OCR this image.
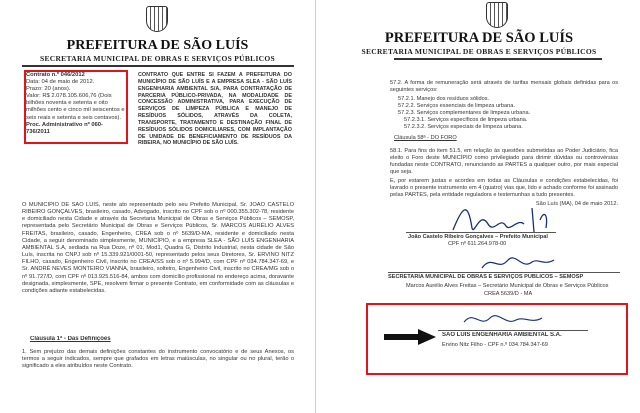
PREFEITURA DE SÃO LUÍS
SECRETARIA MUNICIPAL DE OBRAS E SERVIÇOS PÚBLICOS
Contrato n.º 046/2012
Data: 04 de maio de 2012.
Prazo: 20 (anos).
Valor: R$ 2.078.105.606,76 (Dois bilhões noventa e setenta e oito milhões cento e cinco mil seiscentos e seis reais e setenta e seis centavos).
Proc. Administrativo nº 060-736/2011
CONTRATO QUE ENTRE SI FAZEM A PREFEITURA DO MUNICÍPIO DE SÃO LUÍS E A EMPRESA SLEA - SÃO LUÍS ENGENHARIA AMBIENTAL S/A, PARA CONTRATAÇÃO DE PARCERIA PÚBLICO-PRIVADA, NA MODALIDADE DE CONCESSÃO ADMINISTRATIVA, PARA EXECUÇÃO DE SERVIÇOS DE LIMPEZA PÚBLICA E MANEJO DE RESÍDUOS SÓLIDOS, ATRAVÉS DA COLETA, TRANSPORTE, TRATAMENTO E DESTINAÇÃO FINAL DE RESÍDUOS SÓLIDOS DOMICILIARES, COM IMPLANTAÇÃO DE UNIDADE DE BENEFICIAMENTO DE RESÍDUOS DA RIBEIRA, NO MUNICÍPIO DE SÃO LUÍS.
O MUNICÍPIO DE SÃO LUÍS, neste ato representado pelo seu Prefeito Municipal, Sr. JOÃO CASTELO RIBEIRO GONÇALVES, brasileiro, casado, Advogado, inscrito no CPF sob o nº 000.355.302-78, residente e domiciliado nesta Cidade e através da Secretaria Municipal de Obras e Serviços Públicos – SEMOSP, representada pelo Secretário Municipal de Obras e Serviços Públicos, Sr. MARCOS AURÉLIO ALVES FREITAS, brasileiro, casado, Engenheiro, CREA sob o nº 5639/D-MA, residente e domiciliado nesta Cidade, a seguir denominado simplesmente, MUNICÍPIO, e a empresa SLEA - SÃO LUÍS ENGENHARIA AMBIENTAL S.A, sediada na Rua Doze, nº 01, Mod1, Quadra G, Distrito Industrial, nesta cidade de São Luís, inscrita no CNPJ sob nº 15.339.921/0001-50, representado pelos seus Diretores, Sr. ERVINO NITZ FILHO, casado, Engenheiro Civil, inscrito no CREA/SS sob o nº 5.994/D, com CPF nº 034.784.347-69, e Sr. ANDRÉ NEVES MONTEIRO VIANNA, brasileiro, solteiro, Engenheiro Civil, inscrito no CREA/MG sob o nº 91.727/D, com CPF nº 013.925.516-84, ambos com domicílio profissional no endereço acima, doravante designada, simplesmente, SPE, resolvem firmar o presente Contrato, em conformidade com as cláusulas e condições adiante estabelecidas.
Cláusula 1ª - Das Definições
1. Sem prejuízo das demais definições constantes do instrumento convocatório e de seus Anexos, os termos a seguir indicados, sempre que grafados em letras maiúsculas, no singular ou no plural, terão o significado a eles atribuídos neste Contrato.
PREFEITURA DE SÃO LUÍS
SECRETARIA MUNICIPAL DE OBRAS E SERVIÇOS PÚBLICOS
57.2. A forma de remuneração será através de tarifas mensais globais definidas para os seguintes serviços:
57.2.1. Manejo dos resíduos sólidos.
57.2.2. Serviços essenciais de limpeza urbana.
57.2.3. Serviços complementares de limpeza urbana.
57.2.3.1. Serviços específicos de limpeza urbana.
57.2.3.2. Serviços especiais de limpeza urbana.
Cláusula 58ª - DO FORO
58.1. Para fins do item 51.5, em relação às questões submetidas ao Poder Judiciário, fica eleito o Foro deste MUNICÍPIO como privilegiado para dirimir dúvidas ou controvérsias fundadas neste CONTRATO, renunciando as PARTES a qualquer outro, por mais especial que seja.
E, por estarem justas e acordes em todas as Cláusulas e condições estabelecidas, foi lavrado o presente instrumento em 4 (quatro) vias que, lido e achado conforme foi assinado pelas PARTES, pela entidade reguladora e testemunhas a tudo presentes.
São Luís (MA), 04 de maio 2012.
João Castelo Ribeiro Gonçalves – Prefeito Municipal
CPF nº 611.264.978-00
SECRETARIA MUNICIPAL DE OBRAS E SERVIÇOS PÚBLICOS – SEMOSP
Marcos Aurélio Alves Freitas – Secretário Municipal de Obras e Serviços Públicos
CREA 5639/D - MA
SÃO LUÍS ENGENHARIA AMBIENTAL S.A.
Ervino Nitz Filho - CPF n.º 034.784.347-69
